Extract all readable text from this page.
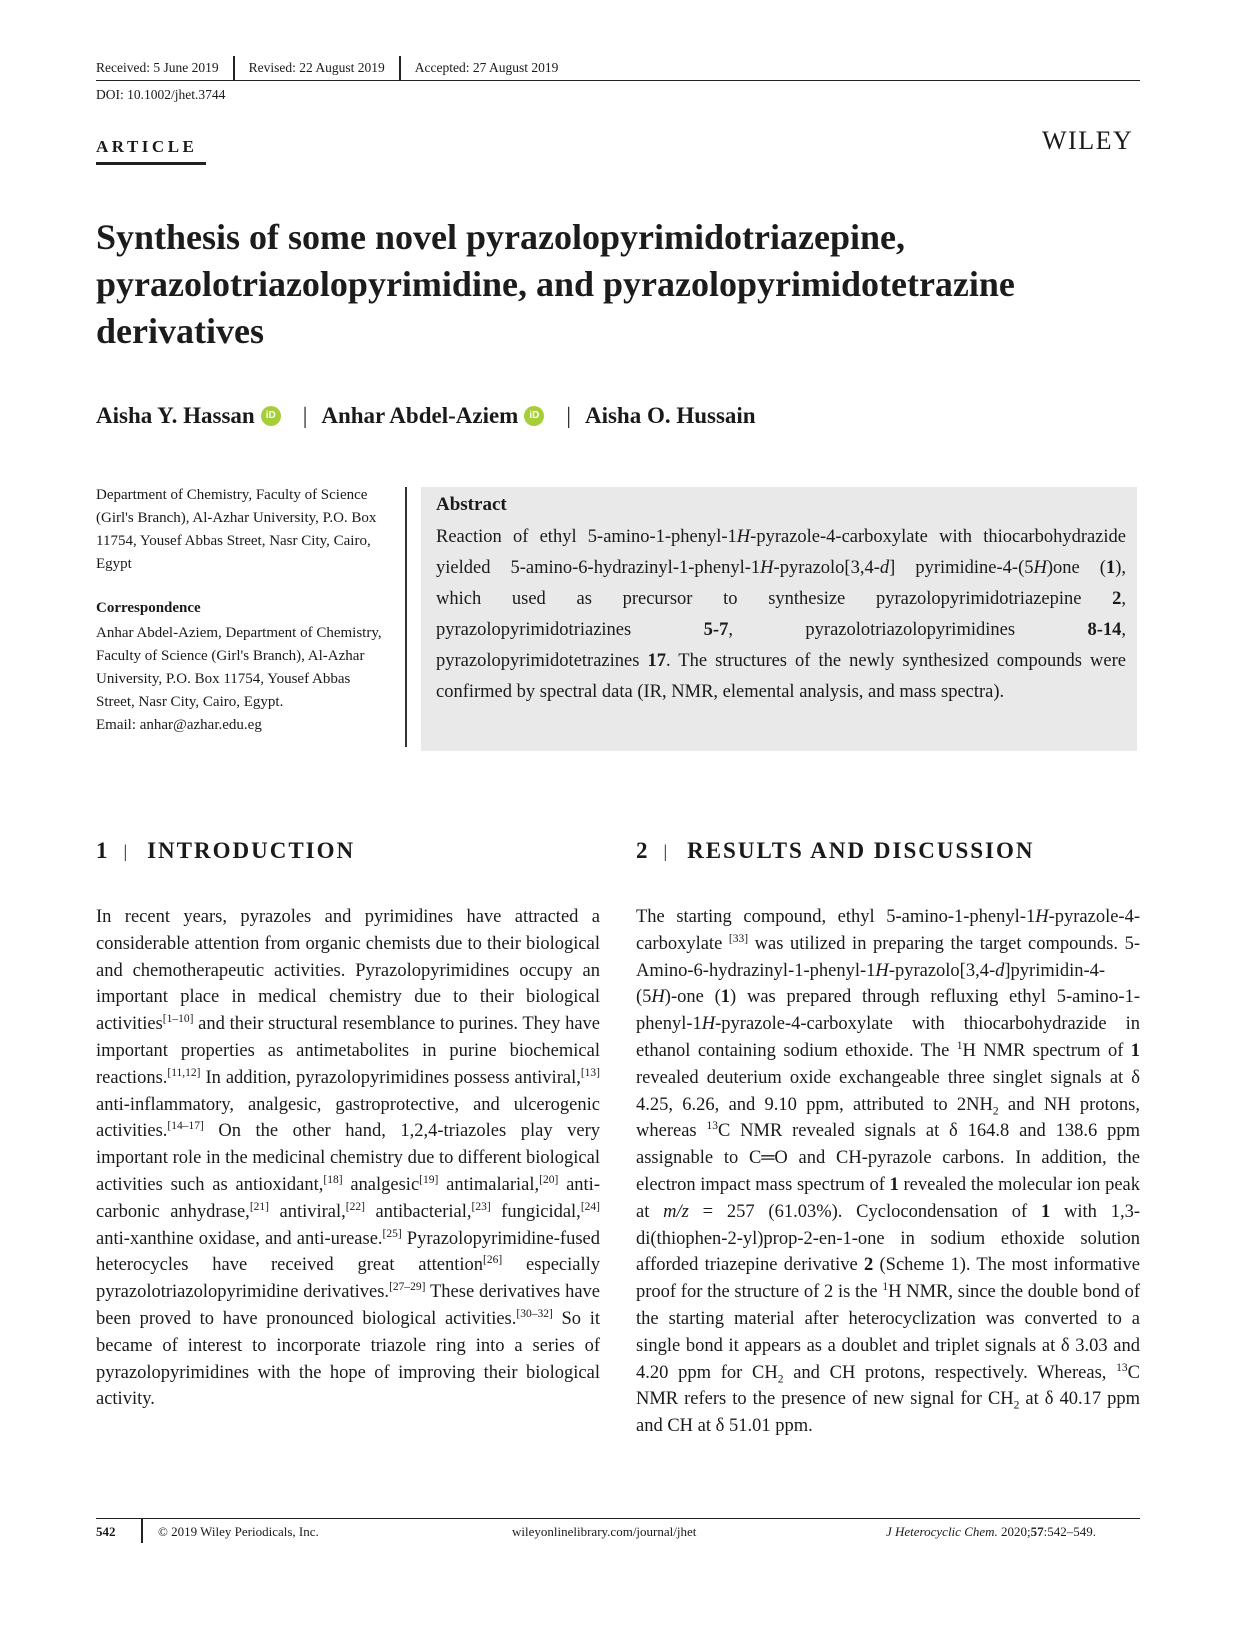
Received: 5 June 2019 Revised: 22 August 2019 Accepted: 27 August 2019
DOI: 10.1002/jhet.3744
ARTICLE	WILEY
Synthesis of some novel pyrazolopyrimidotriazepine, pyrazolotriazolopyrimidine, and pyrazolopyrimidotetrazine derivatives
Aisha Y. Hassan	iD | Anhar Abdel-Aziem	iD | Aisha O. Hussain
Department of Chemistry, Faculty of Science (Girl's Branch), Al-Azhar University, P.O. Box 11754, Yousef Abbas Street, Nasr City, Cairo, Egypt
Correspondence
Anhar Abdel-Aziem, Department of Chemistry, Faculty of Science (Girl's Branch), Al-Azhar University, P.O. Box 11754, Yousef Abbas Street, Nasr City, Cairo, Egypt.
Email: anhar@azhar.edu.eg
Abstract
Reaction of ethyl 5-amino-1-phenyl-1H-pyrazole-4-carboxylate with thiocarbohydrazide yielded 5-amino-6-hydrazinyl-1-phenyl-1H-pyrazolo[3,4-d] pyrimidine-4-(5H)one (1), which used as precursor to synthesize pyrazolopyrimidotriazepine 2, pyrazolopyrimidotriazines 5-7, pyrazolotriazolopyrimidines 8-14, pyrazolopyrimidotetrazines 17. The structures of the newly synthesized compounds were confirmed by spectral data (IR, NMR, elemental analysis, and mass spectra).
1 | INTRODUCTION
In recent years, pyrazoles and pyrimidines have attracted a considerable attention from organic chemists due to their biological and chemotherapeutic activities. Pyrazolopyrimidines occupy an important place in medical chemistry due to their biological activities[1–10] and their structural resemblance to purines. They have important properties as antimetabolites in purine biochemical reactions.[11,12] In addition, pyrazolopyrimidines possess antiviral,[13] anti-inflammatory, analgesic, gastroprotective, and ulcerogenic activities.[14–17] On the other hand, 1,2,4-triazoles play very important role in the medicinal chemistry due to different biological activities such as antioxidant,[18] analgesic[19] antimalarial,[20] anti-carbonic anhydrase,[21] antiviral,[22] antibacterial,[23] fungicidal,[24] anti-xanthine oxidase, and anti-urease.[25] Pyrazolopyrimidine-fused heterocycles have received great attention[26] especially pyrazolotriazolopyrimidine derivatives.[27–29] These derivatives have been proved to have pronounced biological activities.[30–32] So it became of interest to incorporate triazole ring into a series of pyrazolopyrimidines with the hope of improving their biological activity.
2 | RESULTS AND DISCUSSION
The starting compound, ethyl 5-amino-1-phenyl-1H-pyrazole-4-carboxylate [33] was utilized in preparing the target compounds. 5-Amino-6-hydrazinyl-1-phenyl-1H-pyrazolo[3,4-d]pyrimidin-4-(5H)-one (1) was prepared through refluxing ethyl 5-amino-1-phenyl-1H-pyrazole-4-carboxylate with thiocarbohydrazide in ethanol containing sodium ethoxide. The $^1$H NMR spectrum of 1 revealed deuterium oxide exchangeable three singlet signals at δ 4.25, 6.26, and 9.10 ppm, attributed to $2NH_2$ and NH protons, whereas $^{13}$C NMR revealed signals at δ 164.8 and 138.6 ppm assignable to C═O and CH-pyrazole carbons. In addition, the electron impact mass spectrum of 1 revealed the molecular ion peak at m/z = 257 (61.03%). Cyclocondensation of 1 with 1,3-di(thiophen-2-yl)prop-2-en-1-one in sodium ethoxide solution afforded triazepine derivative 2 (Scheme 1). The most informative proof for the structure of 2 is the $^1$H NMR, since the double bond of the starting material after heterocyclization was converted to a single bond it appears as a doublet and triplet signals at δ 3.03 and 4.20 ppm for $CH_2$ and CH protons, respectively. Whereas, $^{13}$C NMR refers to the presence of new signal for $CH_2$ at δ 40.17 ppm and CH at δ 51.01 ppm.
542	© 2019 Wiley Periodicals, Inc.	wileyonlinelibrary.com/journal/jhet	J Heterocyclic Chem. 2020;57:542–549.
